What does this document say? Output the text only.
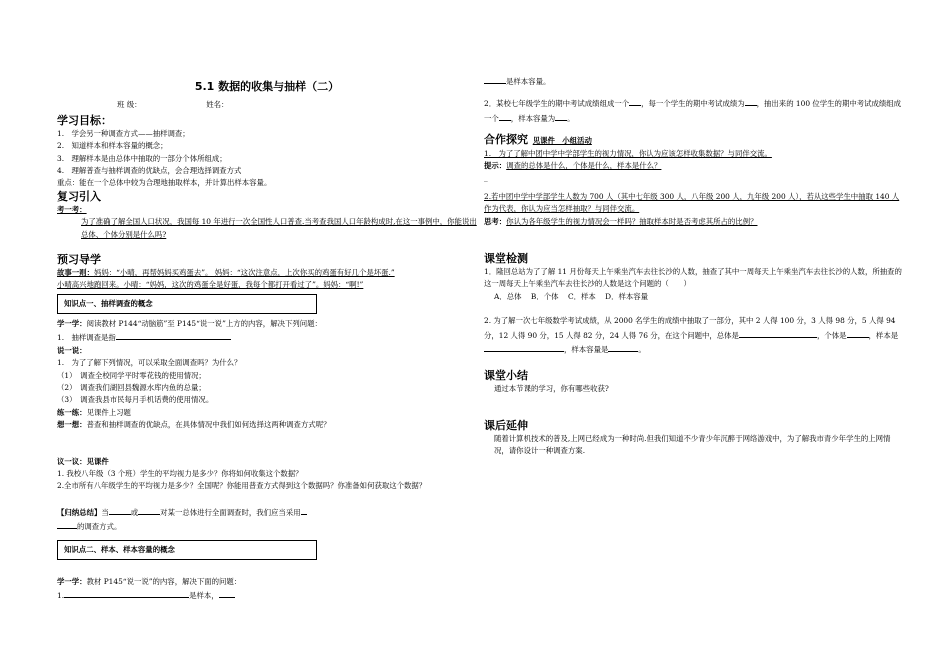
5.1 数据的收集与抽样（二）
班 级：	姓名：
学习目标：
1.　学会另一种调查方式——抽样调查；
2.　知道样本和样本容量的概念；
3.　理解样本是由总体中抽取的一部分个体所组成；
4.　理解普查与抽样调查的优缺点，会合理选择调查方式
重点：能在一个总体中较为合理地抽取样本，并计算出样本容量。
复习引入
考一考：
为了准确了解全国人口状况，我国每 10 年进行一次全国性人口普查.当考查我国人口年龄构成时,在这一事例中，你能说出总体、个体分别是什么吗?
预习导学
故事一则：妈妈：“小晴，再帮妈妈买鸡蛋去”。 妈妈：“这次注意点，上次你买的鸡蛋有好几个是坏蛋.”
小晴高兴地跑回来。小晴：“妈妈，这次的鸡蛋全是好蛋，我每个都打开看过了”。妈妈：“啊!”
知识点一、抽样调查的概念
学一学：阅读教材 P144“动脑筋”至 P145“说一说”上方的内容，解决下列问题：
1.　抽样调查是指
说一说：
1.　为了了解下列情况，可以采取全面调查吗？为什么？
（1）　调查全校同学平时零花钱的使用情况；
（2）　调查我们湖回县魏源水库内鱼的总量；
（3）　调查我县市民每月手机话费的使用情况。
练一练：见课件上习题
想一想：普查和抽样调查的优缺点，在具体情况中我们如何选择这两种调查方式呢？
议一议：见课件
1. 我校八年级（3 个班）学生的平均视力是多少？你将如何收集这个数据？
2.全市所有八年级学生的平均视力是多少？全国呢？你能用普查方式得到这个数据吗？你准备如何获取这个数据？
【归纳总结】当	或	对某一总体进行全面调查时，我们应当采用
的调查方式。
知识点二、样本、样本容量的概念
学一学：教材 P145“说一说”的内容，解决下面的问题：
1.	是样本，
是样本容量。
2．某校七年级学生的期中考试成绩组成一个 ，每一个学生的期中考试成绩为 ，抽出来的 100 位学生的期中考试成绩组成一个 ，样本容量为 。
合作探究 见课件　小组活动
1.　为了了解中团中学中学部学生的视力情况，你认为应该怎样收集数据？与同伴交流。
提示：调查的总体是什么，个体是什么，样本是什么？
_
2.若中团中学中学部学生人数为 700 人（其中七年级 300 人，八年级 200 人，九年级 200 人），若从这些学生中抽取 140 人作为代表，你认为应当怎样抽取？与同伴交流。
思考：你认为各年级学生的视力情况会一样吗？抽取样本时是否考虑其所占的比例？
课堂检测
1．隆回总站为了了解 11 月份每天上午乘坐汽车去往长沙的人数，抽查了其中一周每天上午乘坐汽车去往长沙的人数，所抽查的这一周每天上午乘坐汽车去往长沙的人数是这个问题的（　　）
A．总体 B．个体 C．样本 D．样本容量
2. 为了解一次七年级数学考试成绩，从 2000 名学生的成绩中抽取了一部分，其中 2 人得 100 分，3 人得 98 分，5 人得 94 分，12 人得 90 分，15 人得 82 分，24 人得 76 分，在这个问题中，总体是	，个体是	，样本是，样本容量是	。
课堂小结
通过本节课的学习，你有哪些收获?
课后延伸
随着计算机技术的普及,上网已经成为一种时尚.但我们知道不少青少年沉醉于网络游戏中，为了解我市青少年学生的上网情况，请你设计一种调查方案.
